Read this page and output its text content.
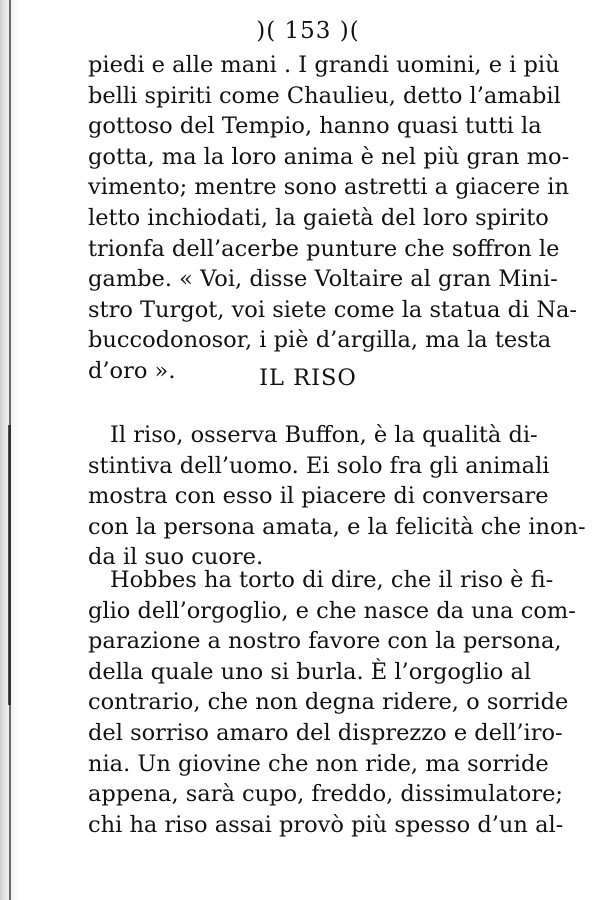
)( 153 )(
piedi e alle mani . I grandi uomini, e i più
belli spiriti come Chaulieu, detto l’amabil
gottoso del Tempio, hanno quasi tutti la
gotta, ma la loro anima è nel più gran mo-
vimento; mentre sono astretti a giacere in
letto inchiodati, la gaietà del loro spirito
trionfa dell’acerbe punture che soffron le
gambe. « Voi, disse Voltaire al gran Mini-
stro Turgot, voi siete come la statua di Na-
buccodonosor, i piè d’argilla, ma la testa
d’oro ».	IL RISO
Il riso, osserva Buffon, è la qualità di-
stintiva dell’uomo. Ei solo fra gli animali
mostra con esso il piacere di conversare
con la persona amata, e la felicità che inon-
da il suo cuore.
Hobbes ha torto di dire, che il riso è fi-
glio dell’orgoglio, e che nasce da una com-
parazione a nostro favore con la persona,
della quale uno si burla. È l’orgoglio al
contrario, che non degna ridere, o sorride
del sorriso amaro del disprezzo e dell’iro-
nia. Un giovine che non ride, ma sorride
appena, sarà cupo, freddo, dissimulatore;
chi ha riso assai provò più spesso d’un al-
